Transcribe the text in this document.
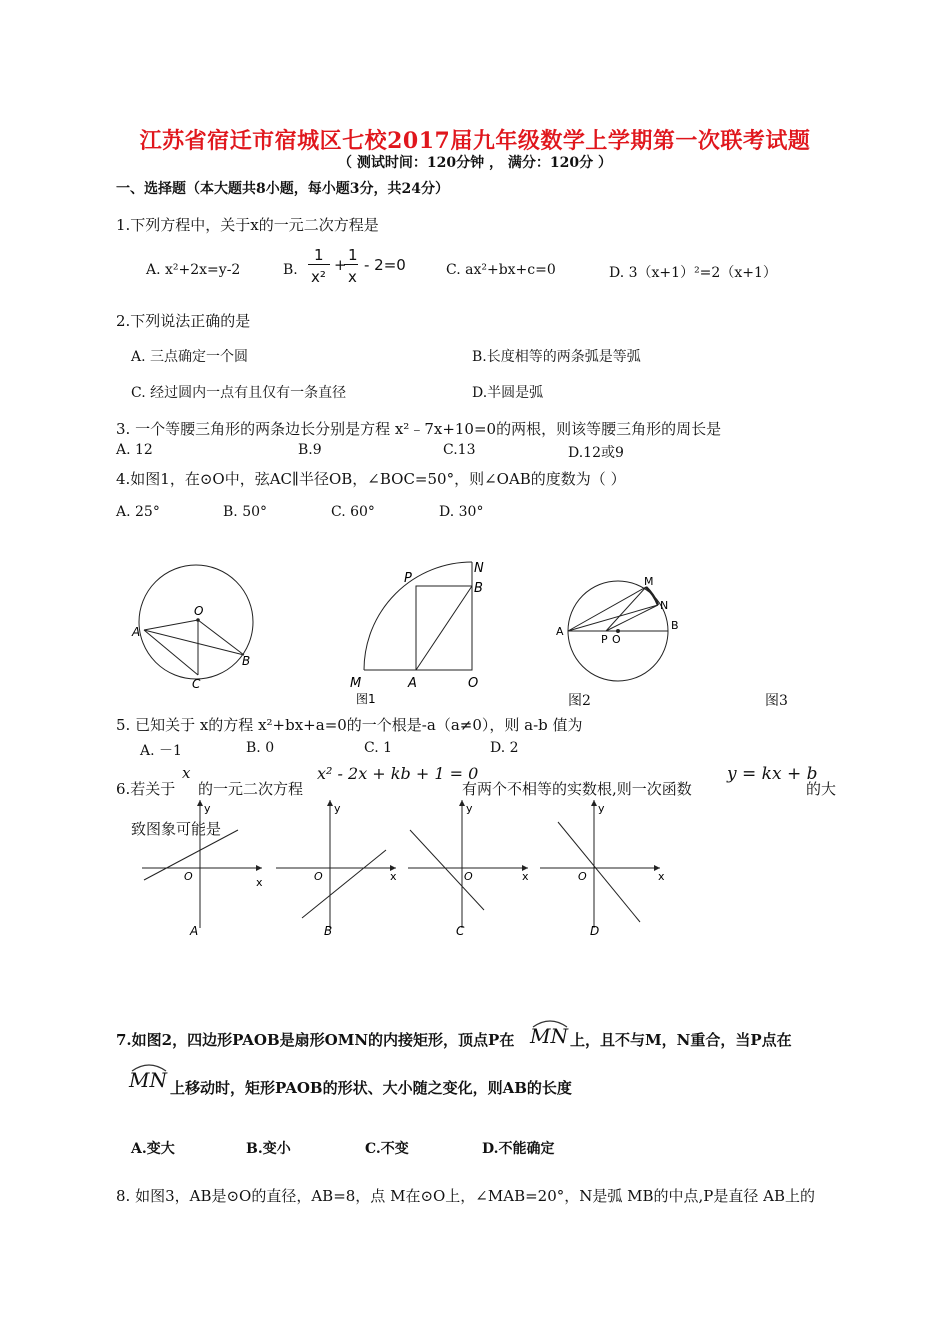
江苏省宿迁市宿城区七校2017届九年级数学上学期第一次联考试题
（ 测试时间：120分钟 ， 满分：120分 ）
一、选择题（本大题共8小题，每小题3分，共24分）
1.下列方程中，关于x的一元二次方程是
A. x²+2x=y-2	B.
1
x²
+
1
x
- 2=0	C. ax²+bx+c=0	D. 3（x+1）²=2（x+1）
2.下列说法正确的是
A. 三点确定一个圆	B.长度相等的两条弧是等弧
C. 经过圆内一点有且仅有一条直径	D.半圆是弧
3. 一个等腰三角形的两条边长分别是方程 x²﹣7x+10=0的两根，则该等腰三角形的周长是
A. 12	B.9	C.13	D.12或9
4.如图1，在⊙O中，弦AC∥半径OB，∠BOC=50°，则∠OAB的度数为（ ）
A. 25°	B. 50°	C. 60°	D. 30°
O
A
B
C
P
N
B
M	A	O
图1	图2
M
N
A	B
P O
图3
5. 已知关于 x的方程 x²+bx+a=0的一个根是-a（a≠0），则 a-b 值为
A. －1	B. 0	C. 1	D. 2
6.若关于
x
的一元二次方程
x² - 2x + kb + 1 = 0
有两个不相等的实数根,则一次函数
y = kx + b
的大
致图象可能是
y
x
O
A
y
x
O
B
y
x
O
C
y
x
O
D
7.如图2，四边形PAOB是扇形OMN的内接矩形，顶点P在 MN 上，且不与M，N重合，当P点在
MN 上移动时，矩形PAOB的形状、大小随之变化，则AB的长度
A.变大	B.变小	C.不变	D.不能确定
8. 如图3，AB是⊙O的直径，AB=8，点 M在⊙O上，∠MAB=20°，N是弧 MB的中点,P是直径 AB上的
